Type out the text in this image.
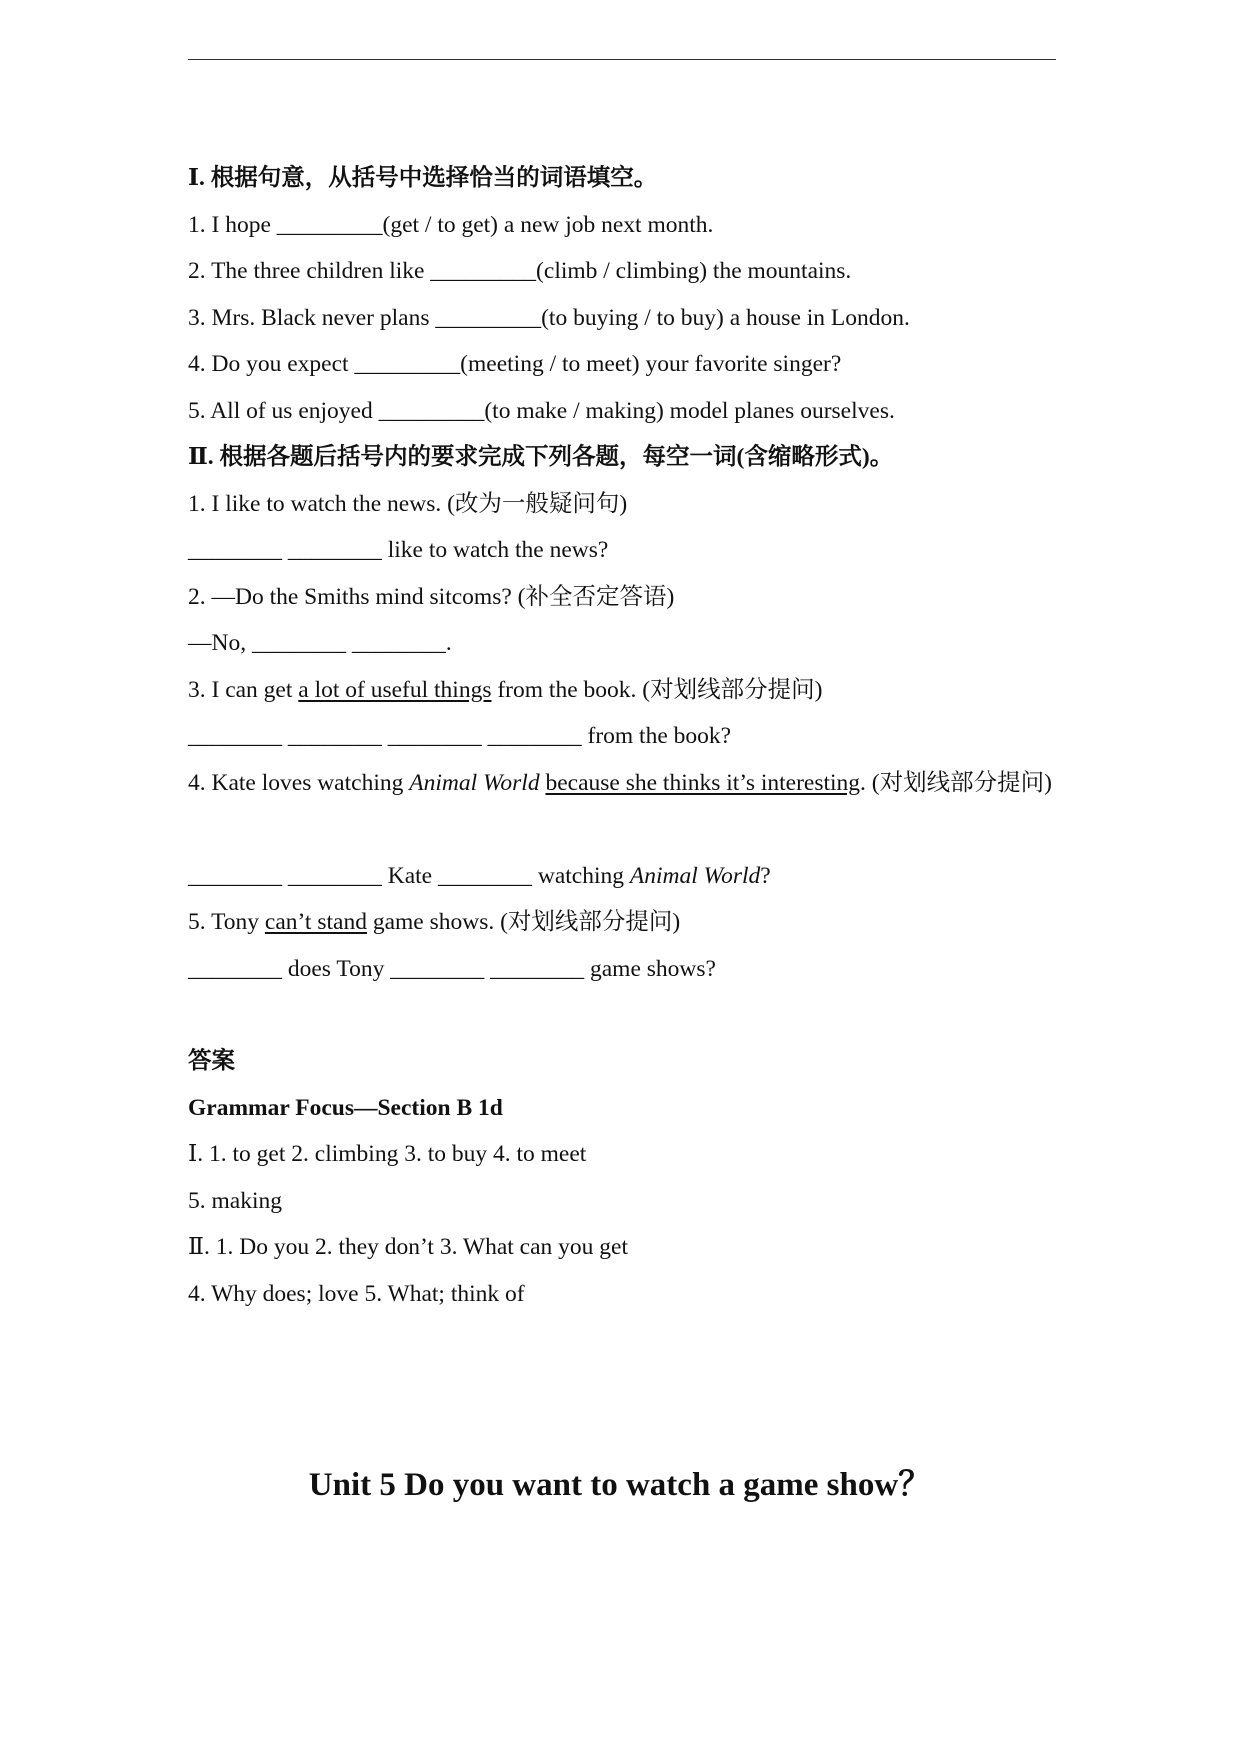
Ⅰ. 根据句意，从括号中选择恰当的词语填空。
1. I hope _________(get / to get) a new job next month.
2. The three children like _________(climb / climbing) the mountains.
3. Mrs. Black never plans _________(to buying / to buy) a house in London.
4. Do you expect _________(meeting / to meet) your favorite singer?
5. All of us enjoyed _________(to make / making) model planes ourselves.
Ⅱ. 根据各题后括号内的要求完成下列各题，每空一词(含缩略形式)。
1. I like to watch the news. (改为一般疑问句)
________ ________ like to watch the news?
2. —Do the Smiths mind sitcoms? (补全否定答语)
—No, ________ ________.
3. I can get a lot of useful things from the book. (对划线部分提问)
________ ________ ________ ________ from the book?
4. Kate loves watching Animal World because she thinks it’s interesting. (对划线部分提问)
________ ________ Kate ________ watching Animal World?
5. Tony can’t stand game shows. (对划线部分提问)
________ does Tony ________ ________ game shows?
答案
Grammar Focus—Section B 1d
Ⅰ. 1. to get 2. climbing 3. to buy 4. to meet
5. making
Ⅱ. 1. Do you 2. they don’t 3. What can you get
4. Why does; love 5. What; think of
Unit 5 Do you want to watch a game show？
